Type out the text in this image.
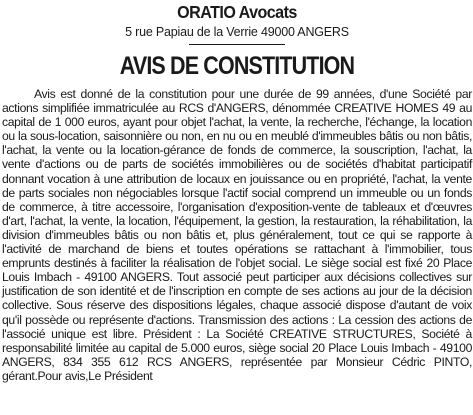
ORATIO Avocats

5 rue Papiau de la Verrie 49000 ANGERS

AVIS DE CONSTITUTION

Avis est donné de la constitution pour une durée de 99 années, d'une Société par actions simplifiée immatriculée au RCS d'ANGERS, dénommée CREATIVE HOMES 49 au capital de 1 000 euros, ayant pour objet l'achat, la vente, la recherche, l'échange, la location ou la sous-location, saisonnière ou non, en nu ou en meublé d'immeubles bâtis ou non bâtis, l'achat, la vente ou la location-gérance de fonds de commerce, la souscription, l'achat, la vente d'actions ou de parts de sociétés immobilières ou de sociétés d'habitat participatif donnant vocation à une attribution de locaux en jouissance ou en propriété, l'achat, la vente de parts sociales non négociables lorsque l'actif social comprend un immeuble ou un fonds de commerce, à titre accessoire, l'organisation d'exposition-vente de tableaux et d'œuvres d'art, l'achat, la vente, la location, l'équipement, la gestion, la restauration, la réhabilitation, la division d'immeubles bâtis ou non bâtis et, plus généralement, tout ce qui se rapporte à l'activité de marchand de biens et toutes opérations se rattachant à l'immobilier, tous emprunts destinés à faciliter la réalisation de l'objet social. Le siège social est fixé 20 Place Louis Imbach - 49100 ANGERS. Tout associé peut participer aux décisions collectives sur justification de son identité et de l'inscription en compte de ses actions au jour de la décision collective. Sous réserve des dispositions légales, chaque associé dispose d'autant de voix qu'il possède ou représente d'actions. Transmission des actions : La cession des actions de l'associé unique est libre. Président : La Société CREATIVE STRUCTURES, Société à responsabilité limitée au capital de 5.000 euros, siège social 20 Place Louis Imbach - 49100 ANGERS, 834 355 612 RCS ANGERS, représentée par Monsieur Cédric PINTO, gérant.Pour avis,Le Président
